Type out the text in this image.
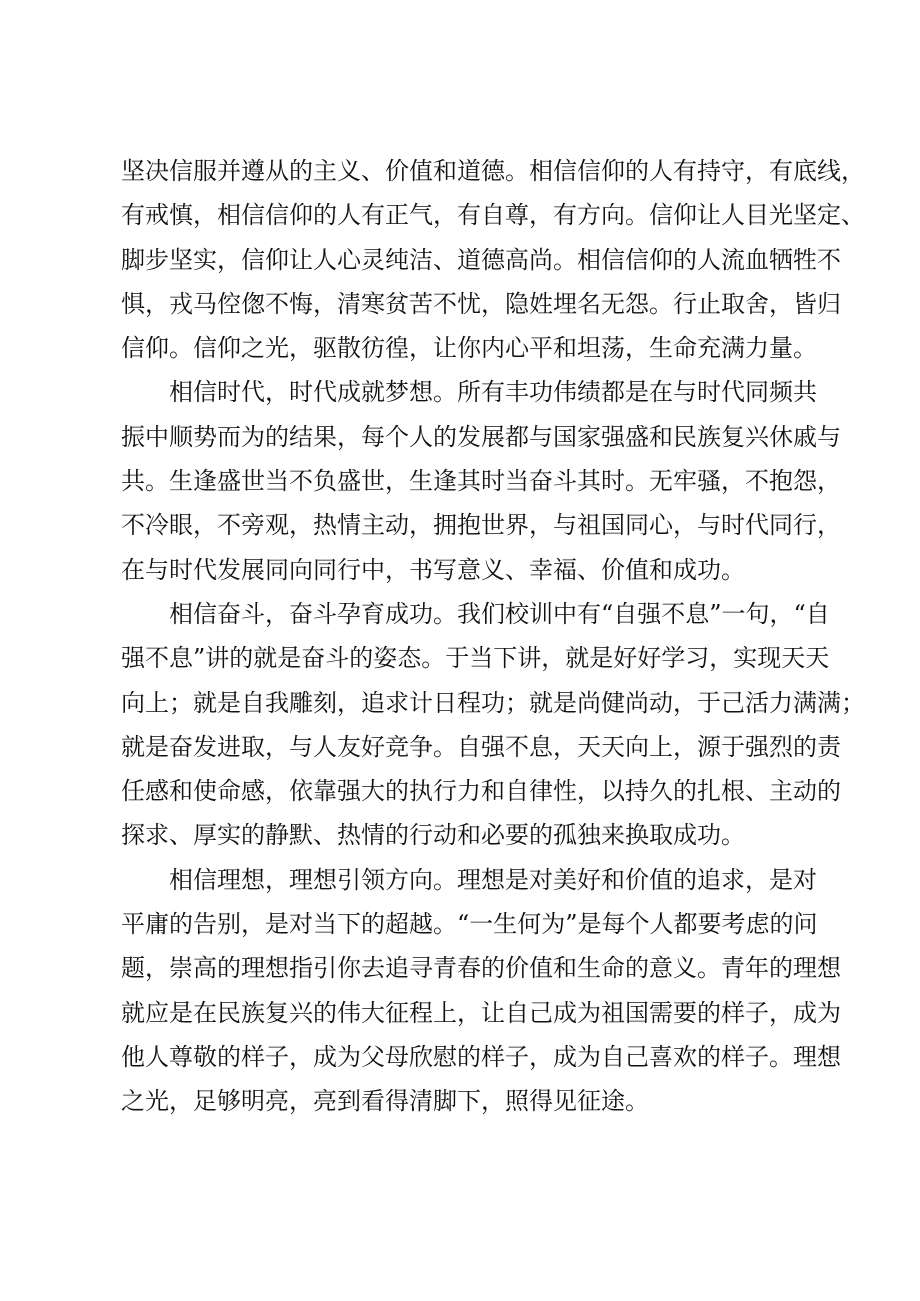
坚决信服并遵从的主义、价值和道德。相信信仰的人有持守，有底线，
有戒慎，相信信仰的人有正气，有自尊，有方向。信仰让人目光坚定、
脚步坚实，信仰让人心灵纯洁、道德高尚。相信信仰的人流血牺牲不
惧，戎马倥偬不悔，清寒贫苦不忧，隐姓埋名无怨。行止取舍，皆归
信仰。信仰之光，驱散彷徨，让你内心平和坦荡，生命充满力量。
相信时代，时代成就梦想。所有丰功伟绩都是在与时代同频共
振中顺势而为的结果，每个人的发展都与国家强盛和民族复兴休戚与
共。生逢盛世当不负盛世，生逢其时当奋斗其时。无牢骚，不抱怨，
不冷眼，不旁观，热情主动，拥抱世界，与祖国同心，与时代同行，
在与时代发展同向同行中，书写意义、幸福、价值和成功。
相信奋斗，奋斗孕育成功。我们校训中有“自强不息”一句，“自
强不息”讲的就是奋斗的姿态。于当下讲，就是好好学习，实现天天
向上；就是自我雕刻，追求计日程功；就是尚健尚动，于己活力满满；
就是奋发进取，与人友好竞争。自强不息，天天向上，源于强烈的责
任感和使命感，依靠强大的执行力和自律性，以持久的扎根、主动的
探求、厚实的静默、热情的行动和必要的孤独来换取成功。
相信理想，理想引领方向。理想是对美好和价值的追求，是对
平庸的告别，是对当下的超越。“一生何为”是每个人都要考虑的问
题，崇高的理想指引你去追寻青春的价值和生命的意义。青年的理想
就应是在民族复兴的伟大征程上，让自己成为祖国需要的样子，成为
他人尊敬的样子，成为父母欣慰的样子，成为自己喜欢的样子。理想
之光，足够明亮，亮到看得清脚下，照得见征途。
